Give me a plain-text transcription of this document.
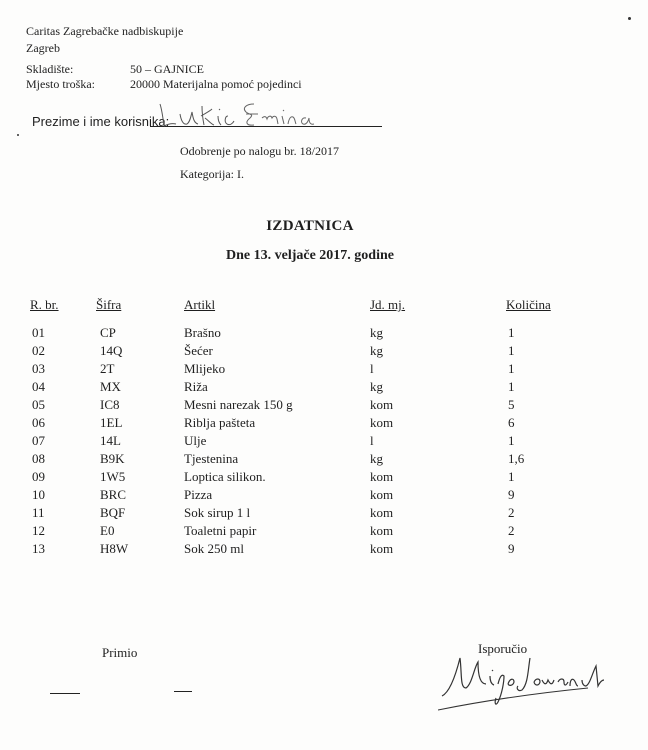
Caritas Zagrebačke nadbiskupije
Zagreb
Skladište:	50 – GAJNICE
Mjesto troška:	20000 Materijalna pomoć pojedinci
Prezime i ime korisnika:
Odobrenje po nalogu br. 18/2017
Kategorija: I.
IZDATNICA
Dne 13. veljače 2017. godine
R. br.	Šifra	Artikl	Jd. mj.	Količina
01	CP	Brašno	kg	1
02	14Q	Šećer	kg	1
03	2T	Mlijeko	l	1
04	MX	Riža	kg	1
05	IC8	Mesni narezak 150 g	kom	5
06	1EL	Riblja pašteta	kom	6
07	14L	Ulje	l	1
08	B9K	Tjestenina	kg	1,6
09	1W5	Loptica silikon.	kom	1
10	BRC	Pizza	kom	9
11	BQF	Sok sirup 1 l	kom	2
12	E0	Toaletni papir	kom	2
13	H8W	Sok 250 ml	kom	9
Primio	Isporučio
